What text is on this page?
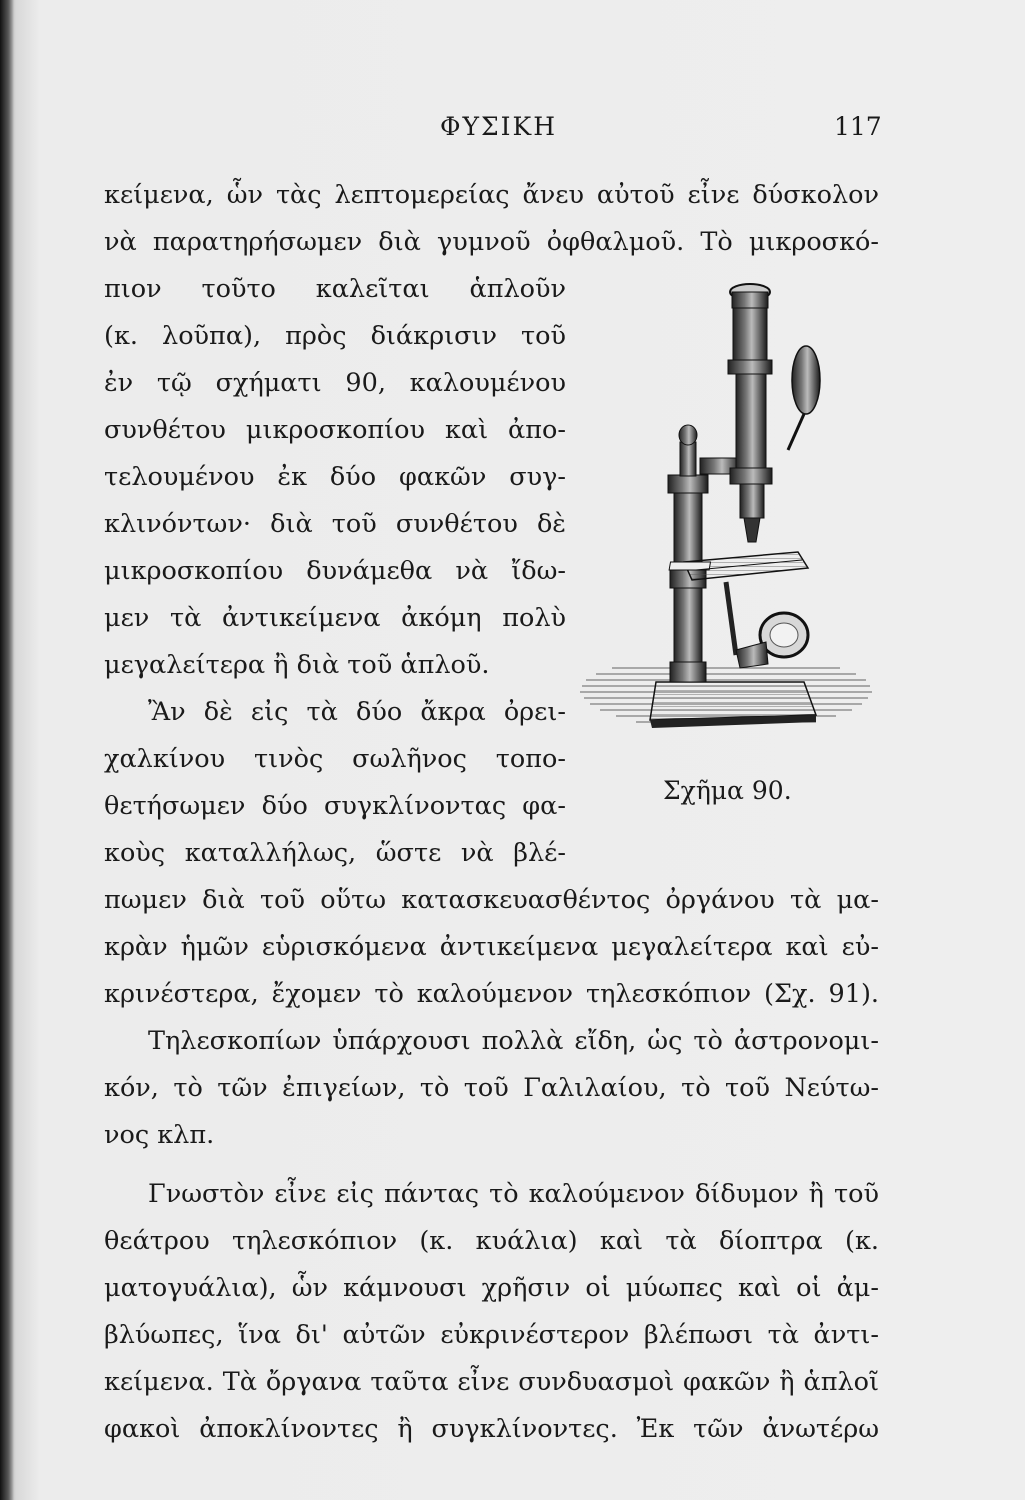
ΦΥΣΙΚΗ	117
κείμενα, ὧν τὰς λεπτομερείας ἄνευ αὐτοῦ εἶνε δύσκολον
νὰ παρατηρήσωμεν διὰ γυμνοῦ ὀφθαλμοῦ. Τὸ μικροσκό-
πιον τοῦτο καλεῖται ἁπλοῦν
(κ. λοῦπα), πρὸς διάκρισιν τοῦ
ἐν τῷ σχήματι 90, καλουμένου
συνθέτου μικροσκοπίου καὶ ἀπο-
τελουμένου ἐκ δύο φακῶν συγ-
κλινόντων· διὰ τοῦ συνθέτου δὲ
μικροσκοπίου δυνάμεθα νὰ ἴδω-
μεν τὰ ἀντικείμενα ἀκόμη πολὺ
μεγαλείτερα ἢ διὰ τοῦ ἁπλοῦ.
Ἂν δὲ εἰς τὰ δύο ἄκρα ὀρει-
χαλκίνου τινὸς σωλῆνος τοπο-
θετήσωμεν δύο συγκλίνοντας φα-
κοὺς καταλλήλως, ὥστε νὰ βλέ-
πωμεν διὰ τοῦ οὕτω κατασκευασθέντος ὀργάνου τὰ μα-
κρὰν ἡμῶν εὑρισκόμενα ἀντικείμενα μεγαλείτερα καὶ εὐ-
κρινέστερα, ἔχομεν τὸ καλούμενον τηλεσκόπιον (Σχ. 91).
Τηλεσκοπίων ὑπάρχουσι πολλὰ εἴδη, ὡς τὸ ἀστρονομι-
κόν, τὸ τῶν ἐπιγείων, τὸ τοῦ Γαλιλαίου, τὸ τοῦ Νεύτω-
νος κλπ.
Γνωστὸν εἶνε εἰς πάντας τὸ καλούμενον δίδυμον ἢ τοῦ
θεάτρου τηλεσκόπιον (κ. κυάλια) καὶ τὰ δίοπτρα (κ.
ματογυάλια), ὧν κάμνουσι χρῆσιν οἱ μύωπες καὶ οἱ ἀμ-
βλύωπες, ἵνα δι' αὐτῶν εὐκρινέστερον βλέπωσι τὰ ἀντι-
κείμενα. Τὰ ὄργανα ταῦτα εἶνε συνδυασμοὶ φακῶν ἢ ἁπλοῖ
φακοὶ ἀποκλίνοντες ἢ συγκλίνοντες. Ἐκ τῶν ἀνωτέρω
Σχῆμα 90.
